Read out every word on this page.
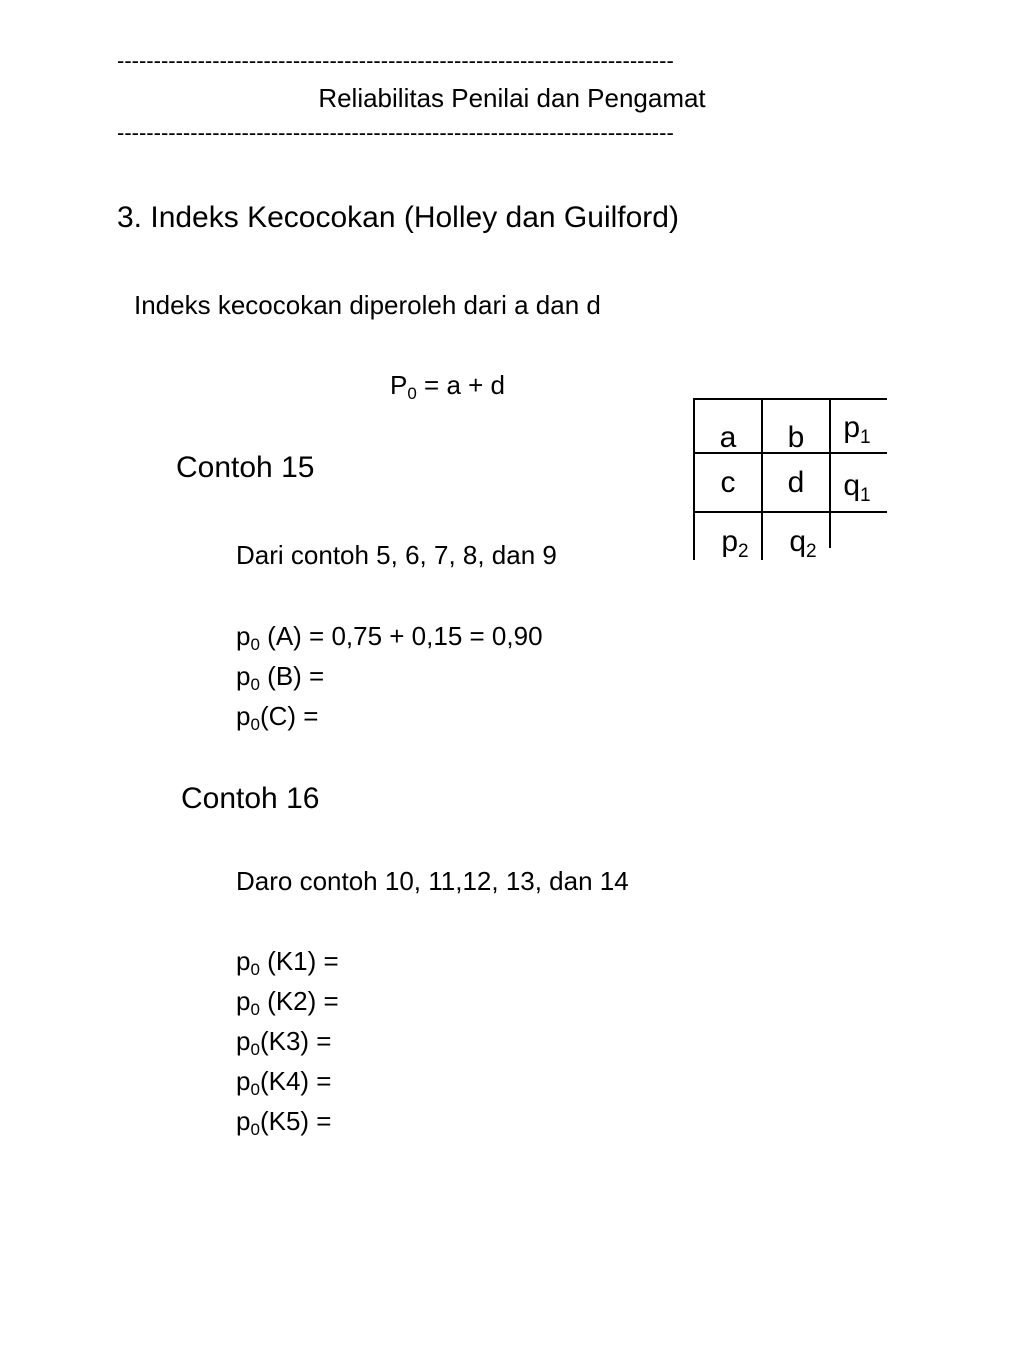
----------------------------------------------------------------------------
Reliabilitas Penilai dan Pengamat
----------------------------------------------------------------------------
3. Indeks Kecocokan (Holley dan Guilford)
Indeks kecocokan diperoleh dari a dan d
$P_0 = a + d$
a	b	$p_1$
c	d	$q_1$
$p_2$	$q_2$
Contoh 15
Dari contoh 5, 6, 7, 8, dan 9
$p_0$ (A) = 0,75 + 0,15 = 0,90
$p_0$ (B) =
$p_0(C)$ =
Contoh 16
Daro contoh 10, 11,12, 13, dan 14
$p_0$ (K1) =
$p_0$ (K2) =
$p_0(K3)$ =
$p_0(K4)$ =
$p_0(K5)$ =
